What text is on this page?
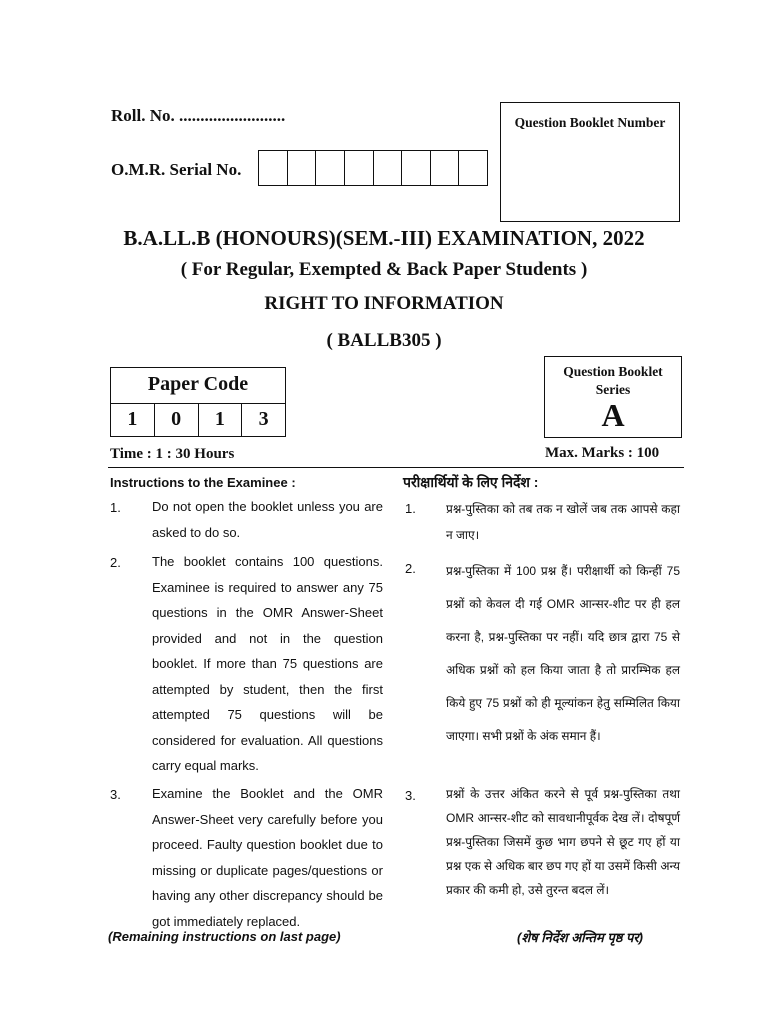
Roll. No. .........................
O.M.R. Serial No.
Question Booklet Number
B.A.LL.B (HONOURS)(SEM.-III) EXAMINATION, 2022
( For Regular, Exempted & Back Paper Students )
RIGHT TO INFORMATION
( BALLB305 )
Paper Code
1	0	1	3
Question Booklet
Series
A
Time : 1 : 30 Hours	Max. Marks : 100
Instructions to the Examinee :
1. Do not open the booklet unless you are asked to do so.
2. The booklet contains 100 questions. Examinee is required to answer any 75 questions in the OMR Answer-Sheet provided and not in the question booklet. If more than 75 questions are attempted by student, then the first attempted 75 questions will be considered for evaluation. All questions carry equal marks.
3. Examine the Booklet and the OMR Answer-Sheet very carefully before you proceed. Faulty question booklet due to missing or duplicate pages/questions or having any other discrepancy should be got immediately replaced.
(Remaining instructions on last page)
परीक्षार्थियों के लिए निर्देश :
1.	प्रश्न-पुस्तिका को तब तक न खोलें जब तक आपसे कहा न जाए।
2.	प्रश्न-पुस्तिका में 100 प्रश्न हैं। परीक्षार्थी को किन्हीं 75 प्रश्नों को केवल दी गई OMR आन्सर-शीट पर ही हल करना है, प्रश्न-पुस्तिका पर नहीं। यदि छात्र द्वारा 75 से अधिक प्रश्नों को हल किया जाता है तो प्रारम्भिक हल किये हुए 75 प्रश्नों को ही मूल्यांकन हेतु सम्मिलित किया जाएगा। सभी प्रश्नों के अंक समान हैं।
3.	प्रश्नों के उत्तर अंकित करने से पूर्व प्रश्न-पुस्तिका तथा OMR आन्सर-शीट को सावधानीपूर्वक देख लें। दोषपूर्ण प्रश्न-पुस्तिका जिसमें कुछ भाग छपने से छूट गए हों या प्रश्न एक से अधिक बार छप गए हों या उसमें किसी अन्य प्रकार की कमी हो, उसे तुरन्त बदल लें।
(शेष निर्देश अन्तिम पृष्ठ पर)
